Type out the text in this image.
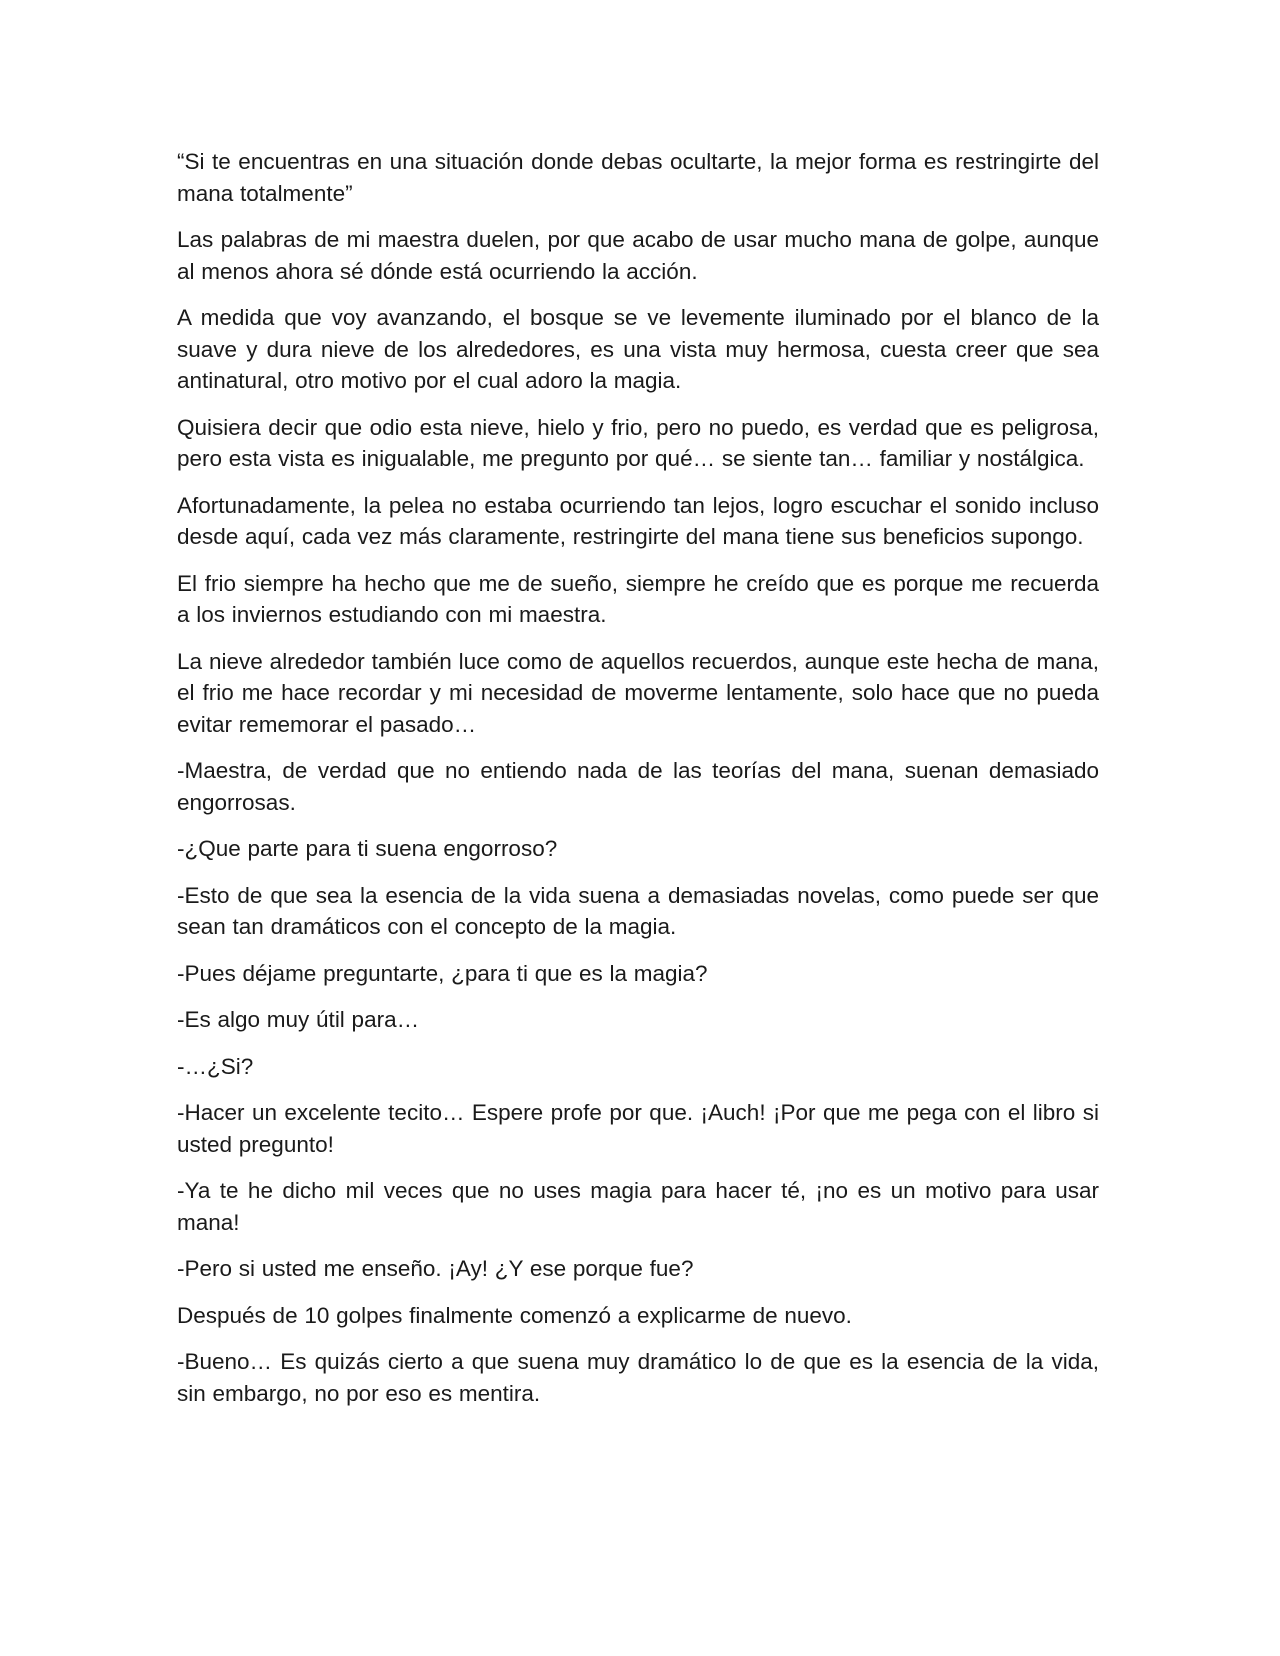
“Si te encuentras en una situación donde debas ocultarte, la mejor forma es restringirte del mana totalmente”

Las palabras de mi maestra duelen, por que acabo de usar mucho mana de golpe, aunque al menos ahora sé dónde está ocurriendo la acción.

A medida que voy avanzando, el bosque se ve levemente iluminado por el blanco de la suave y dura nieve de los alrededores, es una vista muy hermosa, cuesta creer que sea antinatural, otro motivo por el cual adoro la magia.

Quisiera decir que odio esta nieve, hielo y frio, pero no puedo, es verdad que es peligrosa, pero esta vista es inigualable, me pregunto por qué… se siente tan… familiar y nostálgica.

Afortunadamente, la pelea no estaba ocurriendo tan lejos, logro escuchar el sonido incluso desde aquí, cada vez más claramente, restringirte del mana tiene sus beneficios supongo.

El frio siempre ha hecho que me de sueño, siempre he creído que es porque me recuerda a los inviernos estudiando con mi maestra.

La nieve alrededor también luce como de aquellos recuerdos, aunque este hecha de mana, el frio me hace recordar y mi necesidad de moverme lentamente, solo hace que no pueda evitar rememorar el pasado…

-Maestra, de verdad que no entiendo nada de las teorías del mana, suenan demasiado engorrosas.

-¿Que parte para ti suena engorroso?

-Esto de que sea la esencia de la vida suena a demasiadas novelas, como puede ser que sean tan dramáticos con el concepto de la magia.

-Pues déjame preguntarte, ¿para ti que es la magia?

-Es algo muy útil para…

-…¿Si?

-Hacer un excelente tecito… Espere profe por que. ¡Auch! ¡Por que me pega con el libro si usted pregunto!

-Ya te he dicho mil veces que no uses magia para hacer té, ¡no es un motivo para usar mana!

-Pero si usted me enseño. ¡Ay! ¿Y ese porque fue?

Después de 10 golpes finalmente comenzó a explicarme de nuevo.

-Bueno… Es quizás cierto a que suena muy dramático lo de que es la esencia de la vida, sin embargo, no por eso es mentira.
